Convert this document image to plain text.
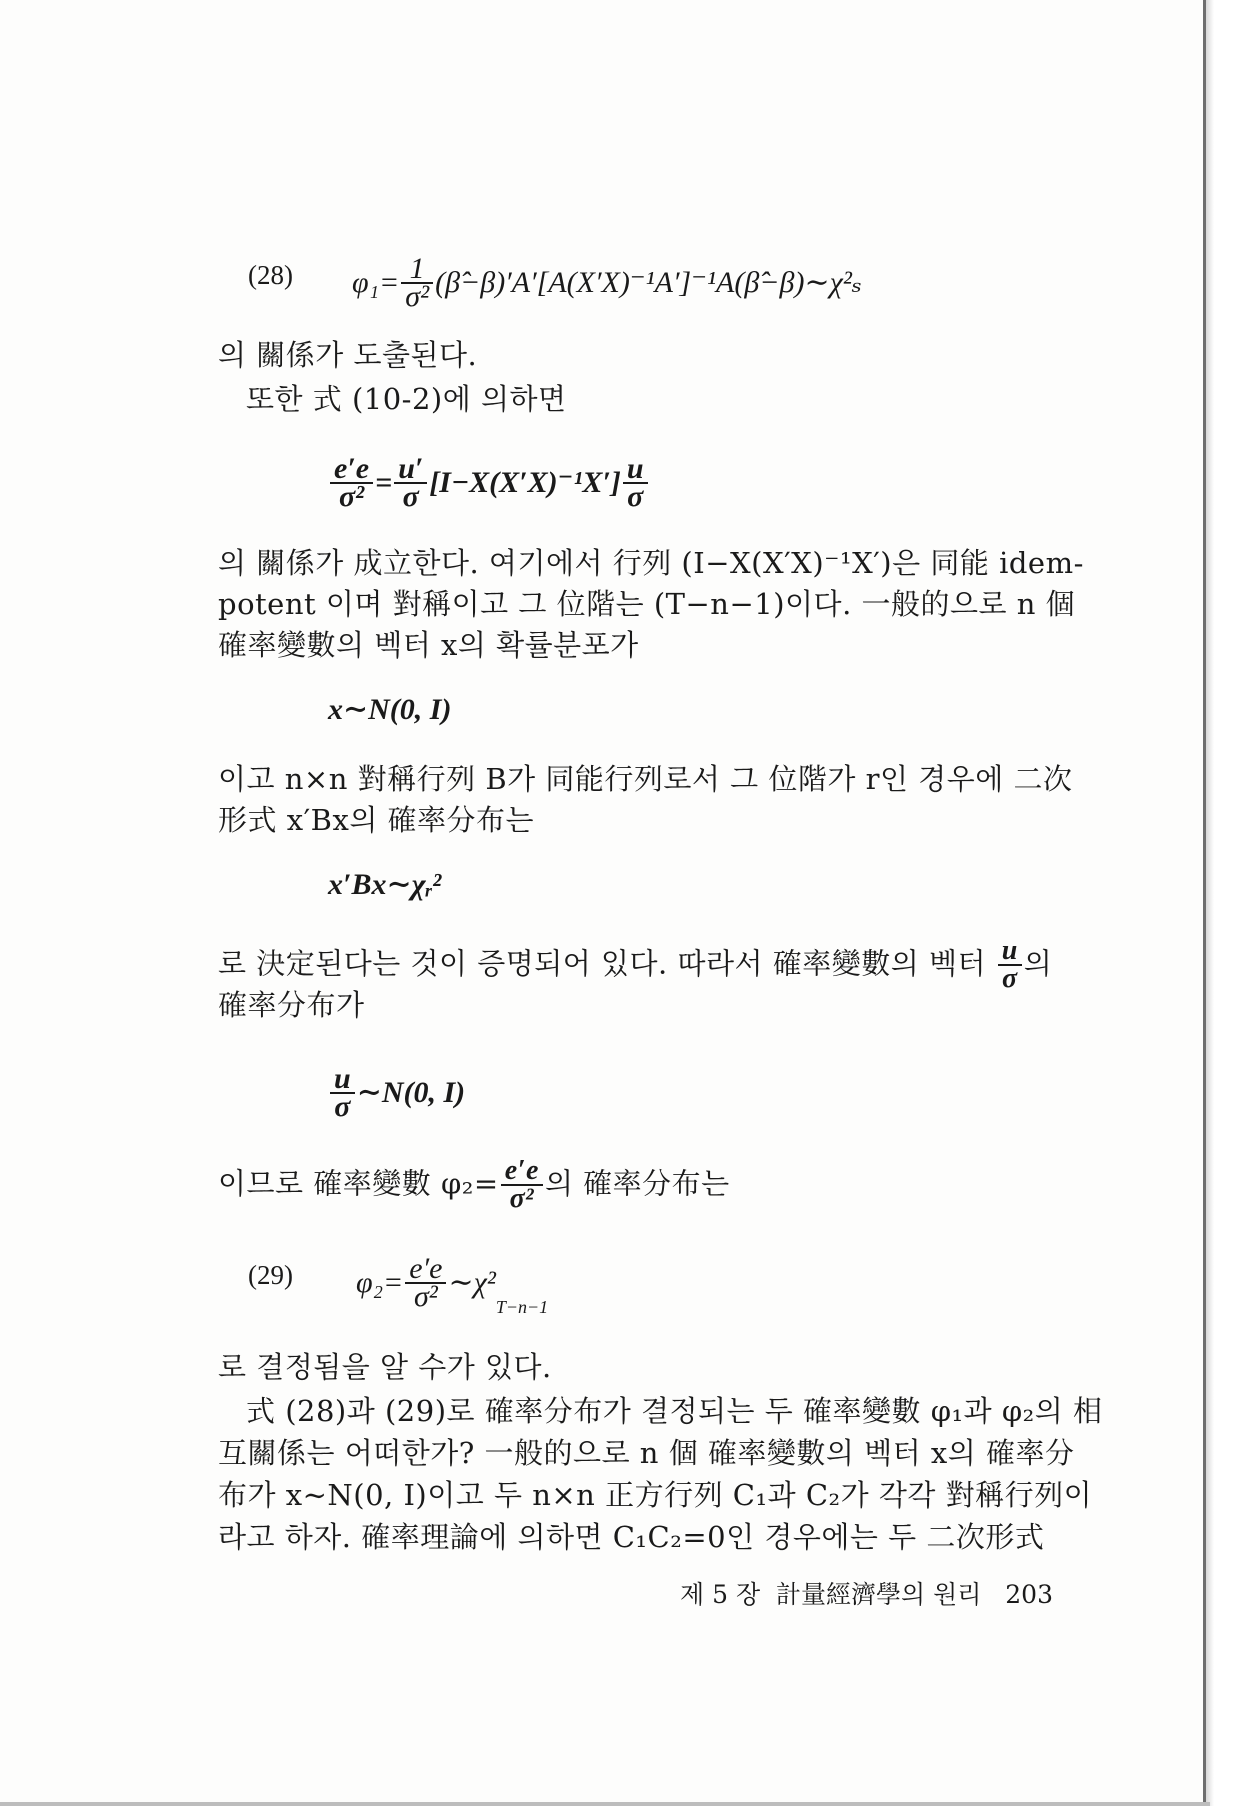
(28) $\varphi_1= \frac{1}{\text{σ²}}$ (β̂−β)′A′[A(X′X)⁻¹A′]⁻¹A(β̂−β)∼χ²ₛ
의 關係가 도출된다.
또한 式 (10-2)에 의하면
$\frac{e'e}{\text{σ²}} = \frac{u'}{\sigma} [I-X(X'X)^{-1}X'] \frac{u}{\sigma}$
의 關係가 成立한다. 여기에서 行列 (I−X(X′X)⁻¹X′)은 同能 idem-
potent 이며 對稱이고 그 位階는 (T−n−1)이다. 一般的으로 n 個
確率變數의 벡터 x의 확률분포가
x∼N(0, I)
이고 n×n 對稱行列 B가 同能行列로서 그 位階가 r인 경우에 二次
形式 x′Bx의 確率分布는
x′Bx∼χᵣ²
로 決定된다는 것이 증명되어 있다. 따라서 確率變數의 벡터 $\frac{u}{\sigma}$ 의
確率分布가
$\frac{u}{\sigma}$ ∼N(0, I)
이므로 確率變數 $\varphi_2= \frac{e'e}{\text{σ²}}$ 의 確率分布는
(29) $\varphi_2= \frac{e'e}{\text{σ²}}$ $\sim\chi^2_{T-n-1}$
로 결정됨을 알 수가 있다.
式 (28)과 (29)로 確率分布가 결정되는 두 確率變數 φ₁과 φ₂의 相
互關係는 어떠한가? 一般的으로 n 個 確率變數의 벡터 x의 確率分
布가 x∼N(0, I)이고 두 n×n 正方行列 C₁과 C₂가 각각 對稱行列이
라고 하자. 確率理論에 의하면 C₁C₂=0인 경우에는 두 二次形式
제 5 장 計量經濟學의 원리 203
